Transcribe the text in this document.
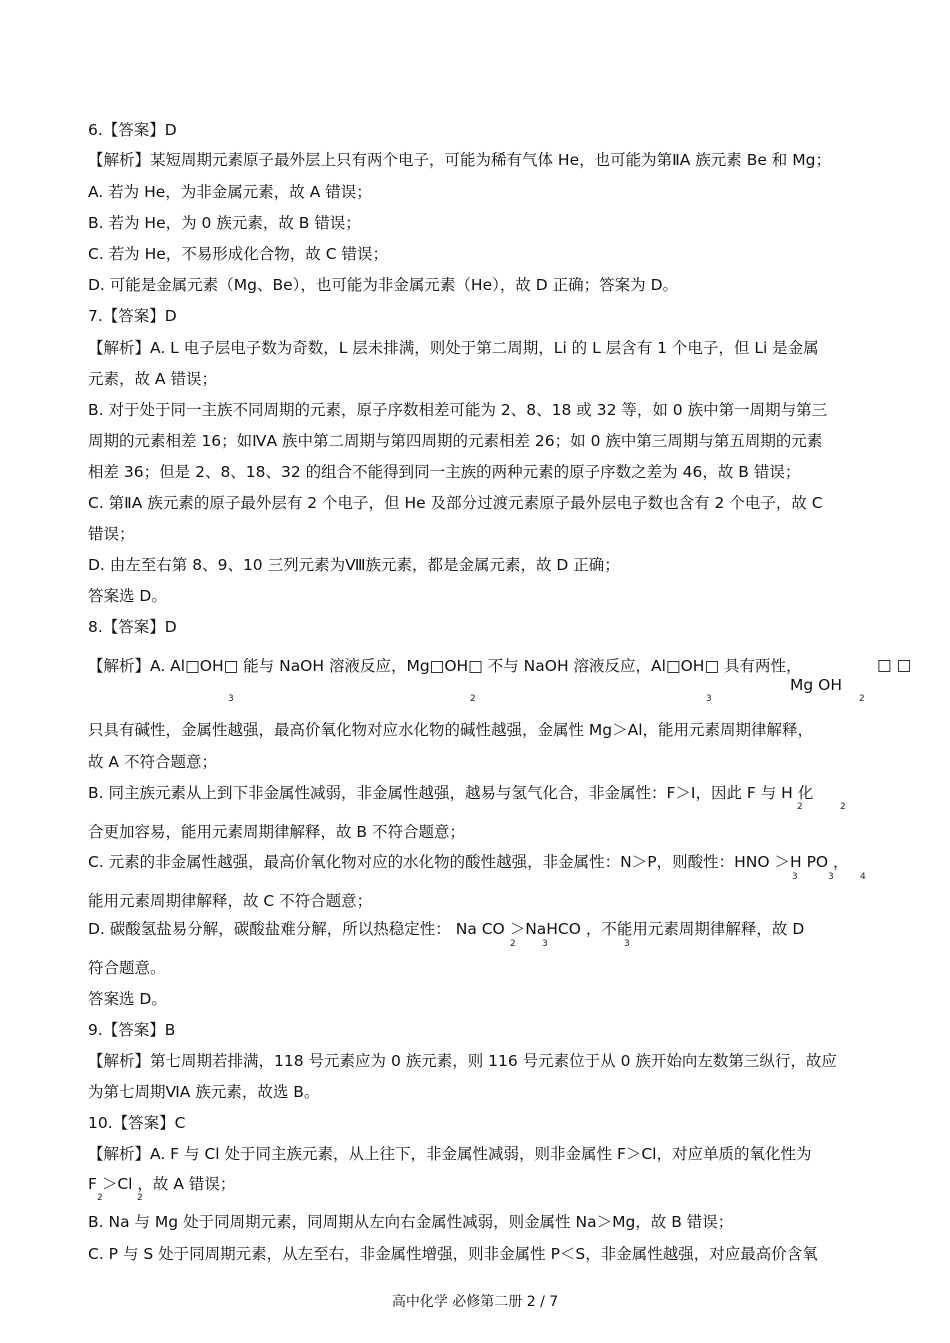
6.【答案】D
【解析】某短周期元素原子最外层上只有两个电子，可能为稀有气体 He，也可能为第ⅡA 族元素 Be 和 Mg；
A. 若为 He，为非金属元素，故 A 错误；
B. 若为 He，为 0 族元素，故 B 错误；
C. 若为 He，不易形成化合物，故 C 错误；
D. 可能是金属元素（Mg、Be），也可能为非金属元素（He），故 D 正确；答案为 D。
7.【答案】D
【解析】A. L 电子层电子数为奇数，L 层未排满，则处于第二周期，Li 的 L 层含有 1 个电子，但 Li 是金属
元素，故 A 错误；
B. 对于处于同一主族不同周期的元素，原子序数相差可能为 2、8、18 或 32 等，如 0 族中第一周期与第三
周期的元素相差 16；如ⅣA 族中第二周期与第四周期的元素相差 26；如 0 族中第三周期与第五周期的元素
相差 36；但是 2、8、18、32 的组合不能得到同一主族的两种元素的原子序数之差为 46，故 B 错误；
C. 第ⅡA 族元素的原子最外层有 2 个电子，但 He 及部分过渡元素原子最外层电子数也含有 2 个电子，故 C
错误；
D. 由左至右第 8、9、10 三列元素为Ⅷ族元素，都是金属元素，故 D 正确；
答案选 D。
8.【答案】D
【解析】A. Al□OH□ 能与 NaOH 溶液反应，Mg□OH□ 不与 NaOH 溶液反应，Al□OH□ 具有两性，	□ □
Mg OH
3	2	3	2
只具有碱性，金属性越强，最高价氧化物对应水化物的碱性越强，金属性 Mg＞Al，能用元素周期律解释，
故 A 不符合题意；
B. 同主族元素从上到下非金属性减弱，非金属性越强，越易与氢气化合，非金属性：F＞I，因此 F 与 H 化
2	2
合更加容易，能用元素周期律解释，故 B 不符合题意；
C. 元素的非金属性越强，最高价氧化物对应的水化物的酸性越强，非金属性：N＞P，则酸性：HNO ＞H PO ，
3	3	4
能用元素周期律解释，故 C 不符合题意；
D. 碳酸氢盐易分解，碳酸盐难分解，所以热稳定性： Na CO ＞NaHCO ，不能用元素周期律解释，故 D
2	3	3
符合题意。
答案选 D。
9.【答案】B
【解析】第七周期若排满，118 号元素应为 0 族元素，则 116 号元素位于从 0 族开始向左数第三纵行，故应
为第七周期ⅥA 族元素，故选 B。
10.【答案】C
【解析】A. F 与 Cl 处于同主族元素，从上往下，非金属性减弱，则非金属性 F＞Cl，对应单质的氧化性为
F ＞Cl ，故 A 错误；
2	2
B. Na 与 Mg 处于同周期元素，同周期从左向右金属性减弱，则金属性 Na＞Mg，故 B 错误；
C. P 与 S 处于同周期元素，从左至右，非金属性增强，则非金属性 P＜S，非金属性越强，对应最高价含氧
高中化学 必修第二册 2 / 7
